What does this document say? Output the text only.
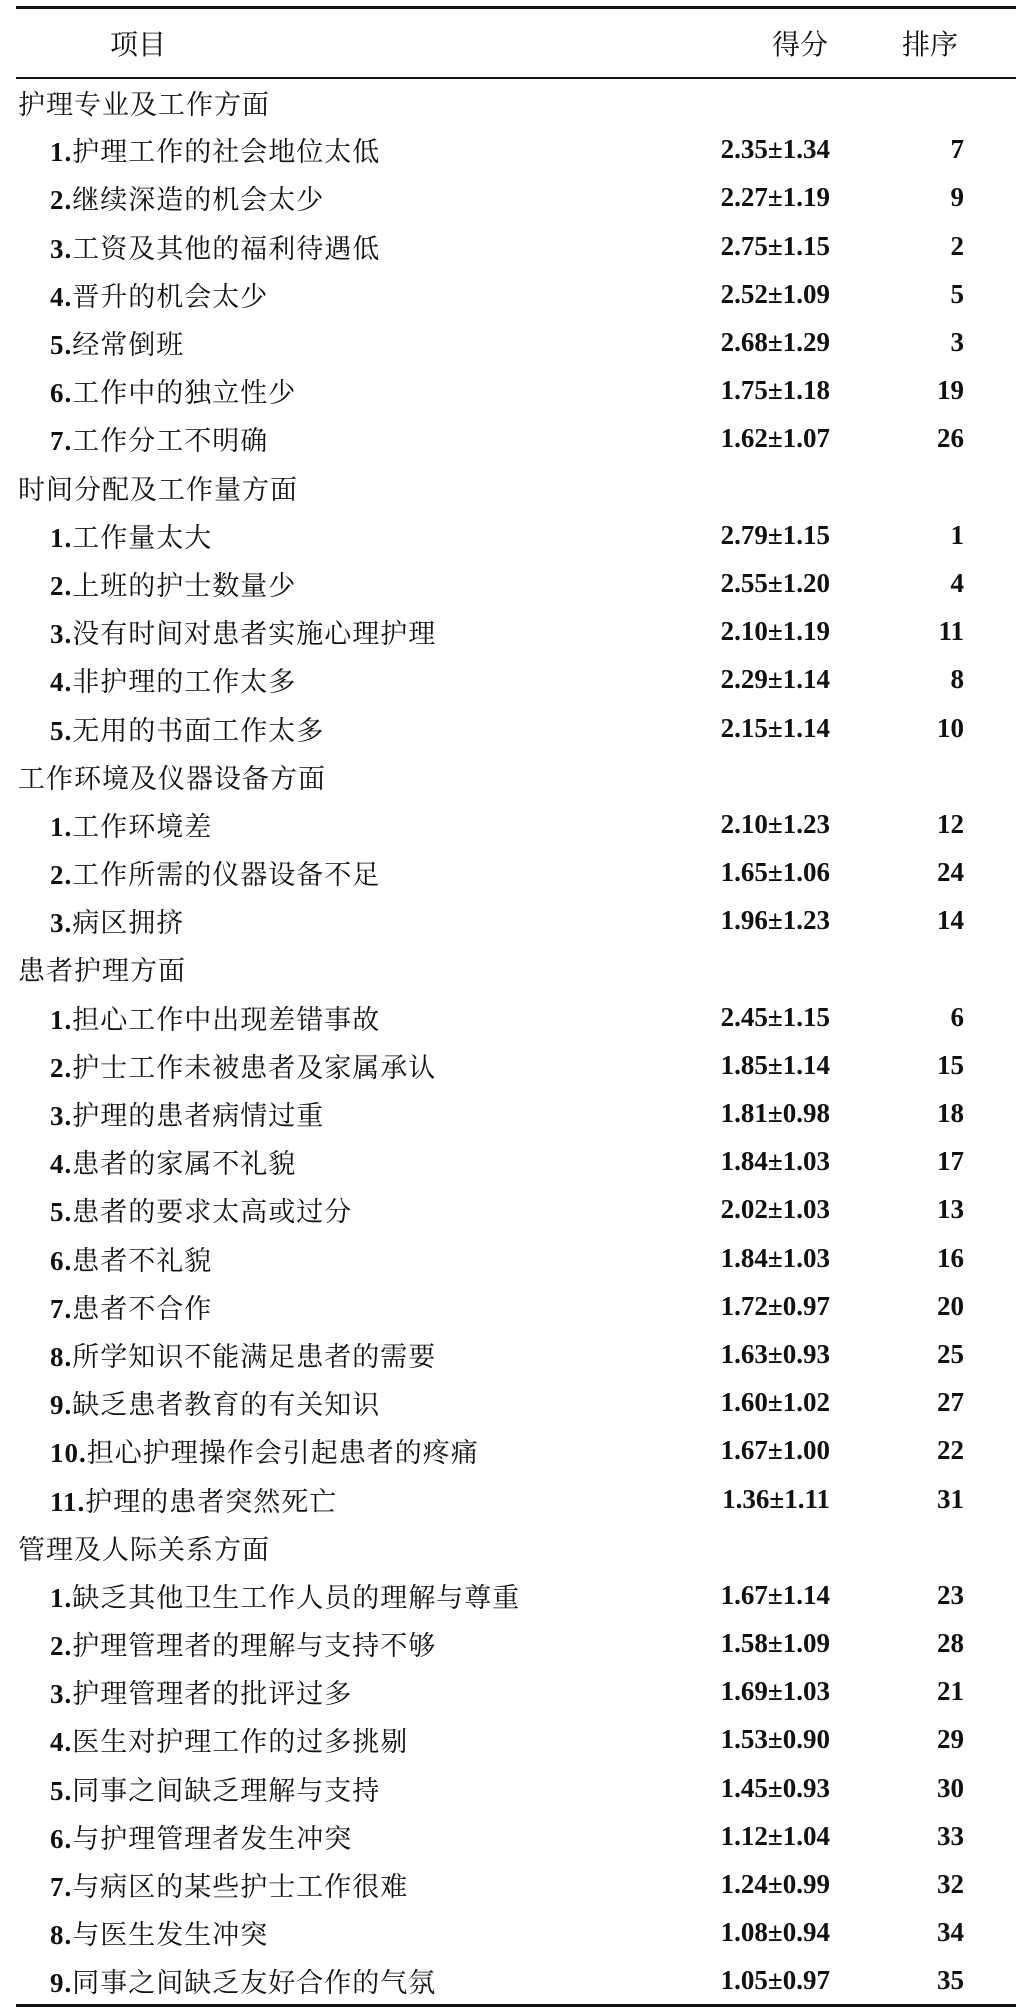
项目	得分	排序
护理专业及工作方面		
1.护理工作的社会地位太低	2.35±1.34	7
2.继续深造的机会太少	2.27±1.19	9
3.工资及其他的福利待遇低	2.75±1.15	2
4.晋升的机会太少	2.52±1.09	5
5.经常倒班	2.68±1.29	3
6.工作中的独立性少	1.75±1.18	19
7.工作分工不明确	1.62±1.07	26
时间分配及工作量方面		
1.工作量太大	2.79±1.15	1
2.上班的护士数量少	2.55±1.20	4
3.没有时间对患者实施心理护理	2.10±1.19	11
4.非护理的工作太多	2.29±1.14	8
5.无用的书面工作太多	2.15±1.14	10
工作环境及仪器设备方面		
1.工作环境差	2.10±1.23	12
2.工作所需的仪器设备不足	1.65±1.06	24
3.病区拥挤	1.96±1.23	14
患者护理方面		
1.担心工作中出现差错事故	2.45±1.15	6
2.护士工作未被患者及家属承认	1.85±1.14	15
3.护理的患者病情过重	1.81±0.98	18
4.患者的家属不礼貌	1.84±1.03	17
5.患者的要求太高或过分	2.02±1.03	13
6.患者不礼貌	1.84±1.03	16
7.患者不合作	1.72±0.97	20
8.所学知识不能满足患者的需要	1.63±0.93	25
9.缺乏患者教育的有关知识	1.60±1.02	27
10.担心护理操作会引起患者的疼痛	1.67±1.00	22
11.护理的患者突然死亡	1.36±1.11	31
管理及人际关系方面		
1.缺乏其他卫生工作人员的理解与尊重	1.67±1.14	23
2.护理管理者的理解与支持不够	1.58±1.09	28
3.护理管理者的批评过多	1.69±1.03	21
4.医生对护理工作的过多挑剔	1.53±0.90	29
5.同事之间缺乏理解与支持	1.45±0.93	30
6.与护理管理者发生冲突	1.12±1.04	33
7.与病区的某些护士工作很难	1.24±0.99	32
8.与医生发生冲突	1.08±0.94	34
9.同事之间缺乏友好合作的气氛	1.05±0.97	35
